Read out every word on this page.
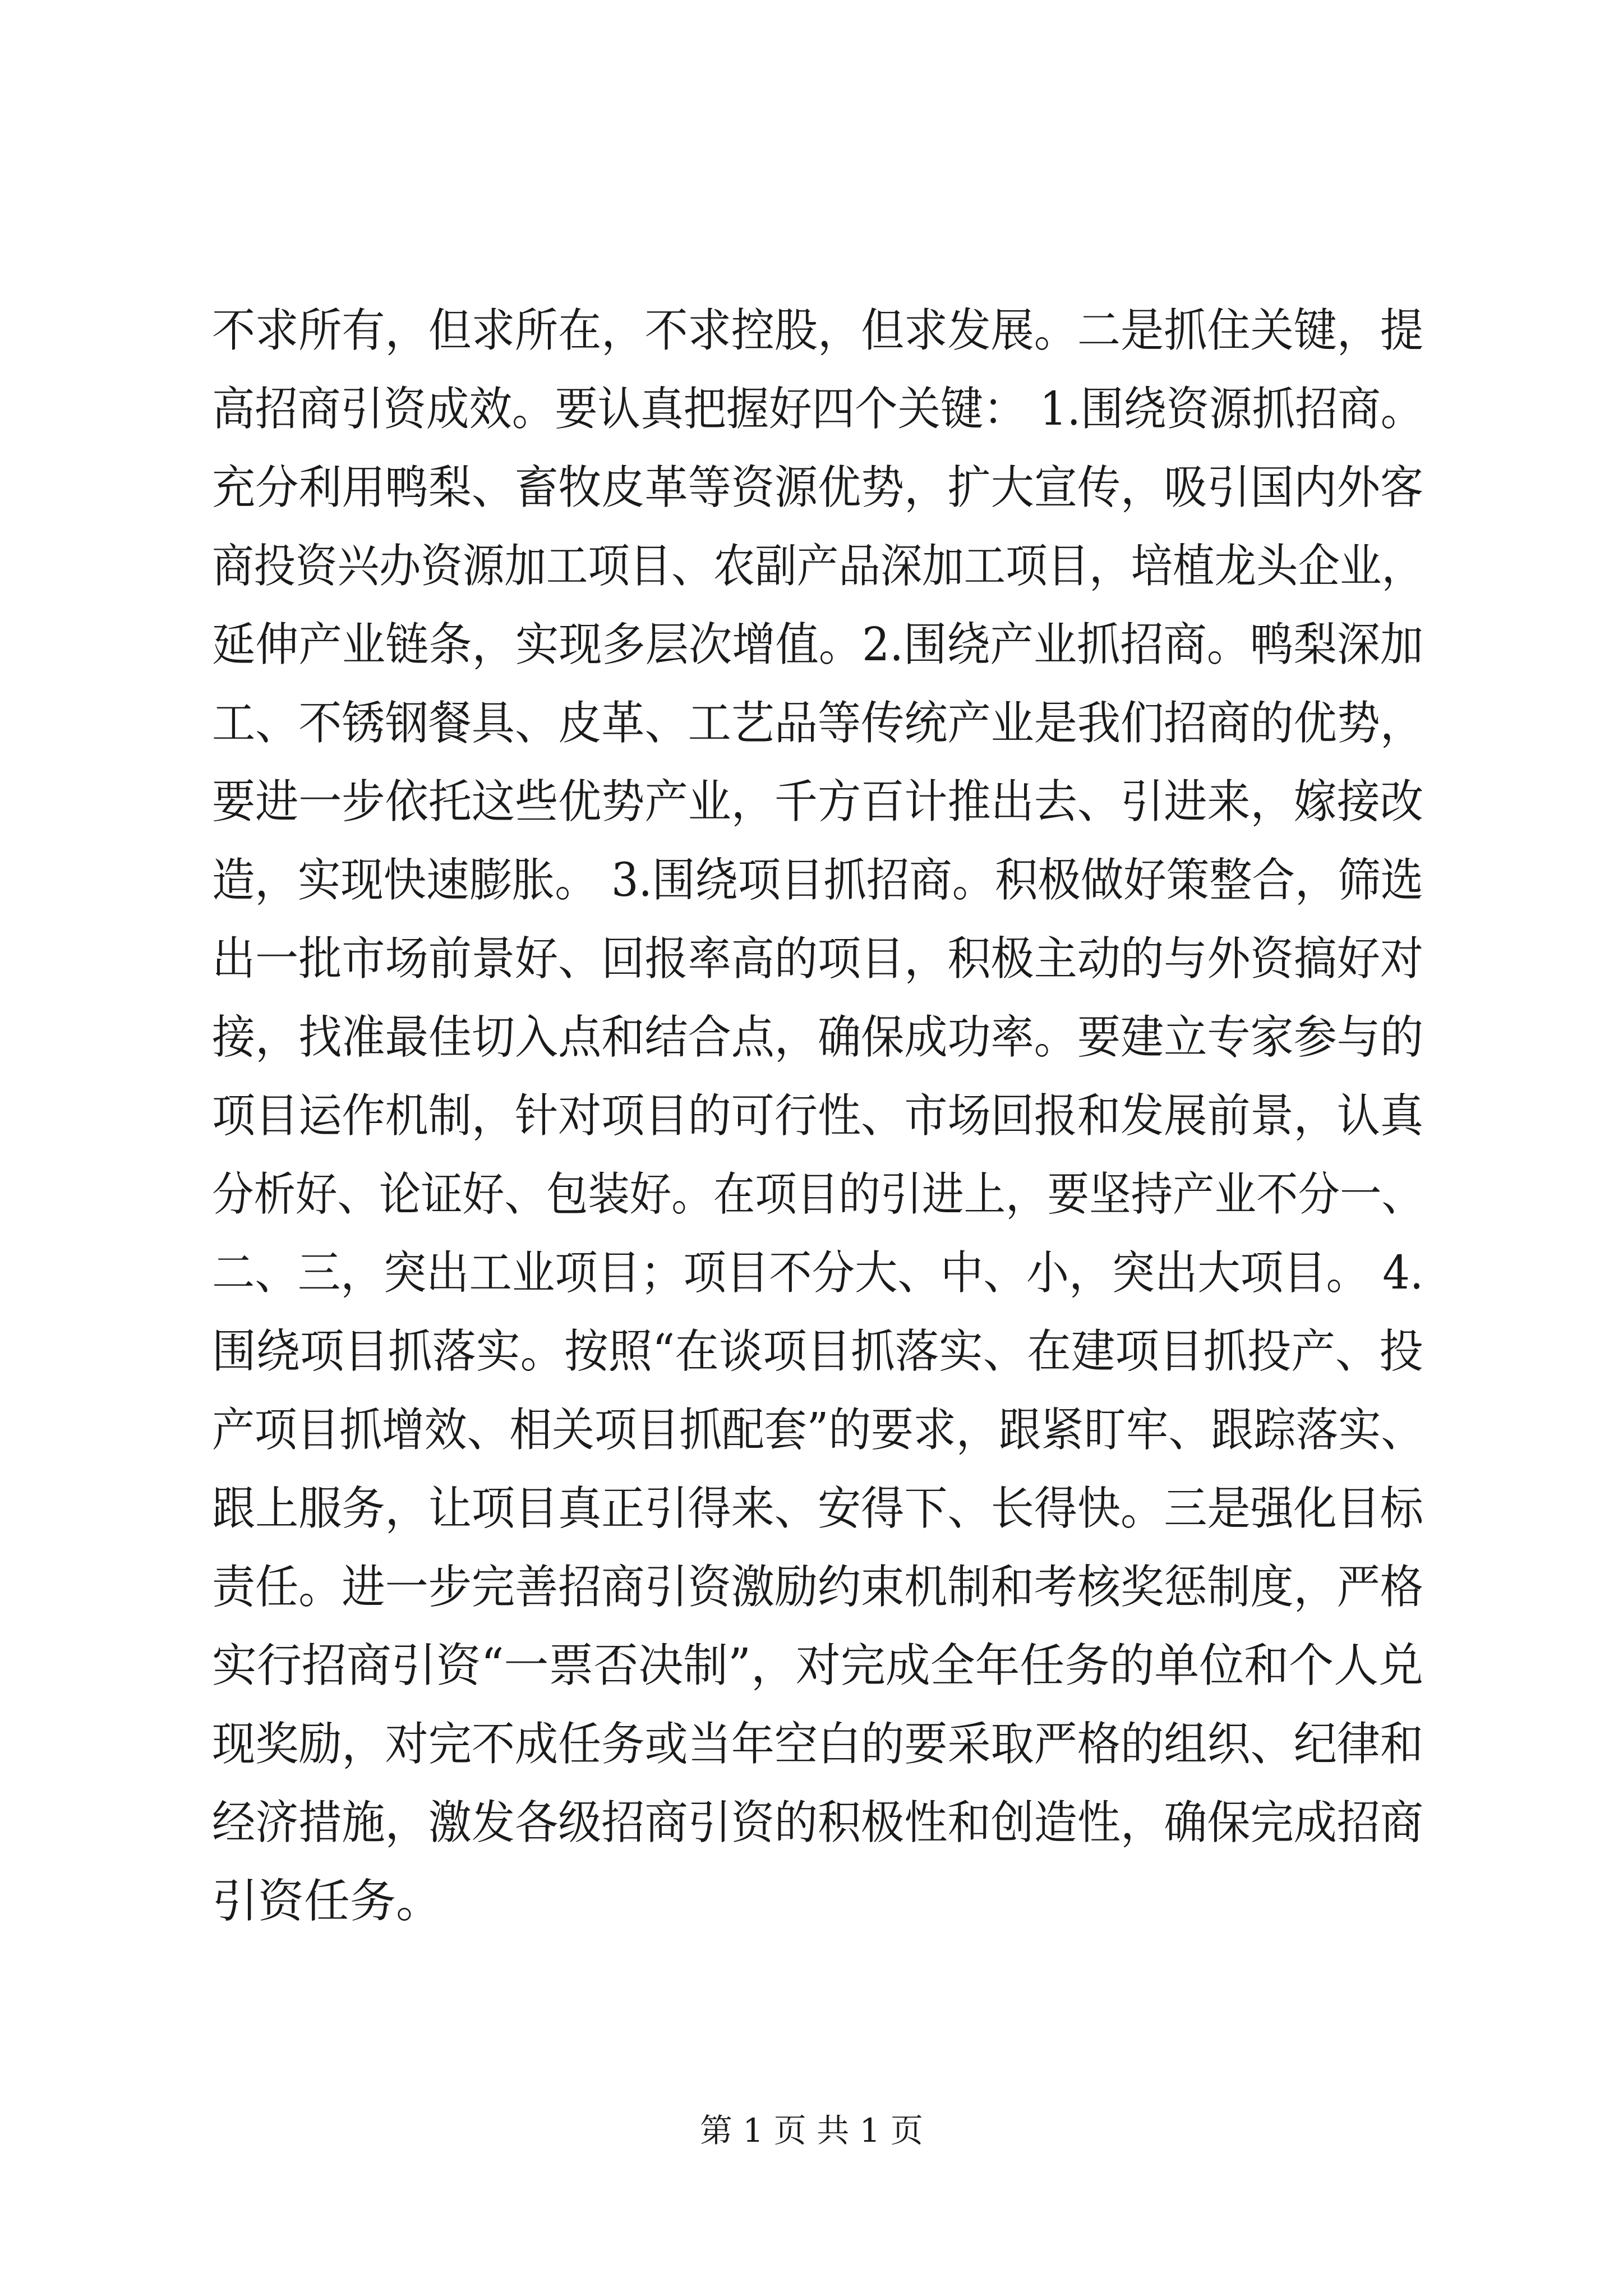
不求所有，但求所在，不求控股，但求发展。二是抓住关键，提
高招商引资成效。要认真把握好四个关键： 1.围绕资源抓招商。
充分利用鸭梨、畜牧皮革等资源优势，扩大宣传，吸引国内外客
商投资兴办资源加工项目、农副产品深加工项目，培植龙头企业，
延伸产业链条，实现多层次增值。2.围绕产业抓招商。鸭梨深加
工、不锈钢餐具、皮革、工艺品等传统产业是我们招商的优势，
要进一步依托这些优势产业，千方百计推出去、引进来，嫁接改
造，实现快速膨胀。 3.围绕项目抓招商。积极做好策整合，筛选
出一批市场前景好、回报率高的项目，积极主动的与外资搞好对
接，找准最佳切入点和结合点，确保成功率。要建立专家参与的
项目运作机制，针对项目的可行性、市场回报和发展前景，认真
分析好、论证好、包装好。在项目的引进上，要坚持产业不分一、
二、三，突出工业项目；项目不分大、中、小，突出大项目。 4.
围绕项目抓落实。按照“在谈项目抓落实、在建项目抓投产、投
产项目抓增效、相关项目抓配套”的要求，跟紧盯牢、跟踪落实、
跟上服务，让项目真正引得来、安得下、长得快。三是强化目标
责任。进一步完善招商引资激励约束机制和考核奖惩制度，严格
实行招商引资“一票否决制”，对完成全年任务的单位和个人兑
现奖励，对完不成任务或当年空白的要采取严格的组织、纪律和
经济措施，激发各级招商引资的积极性和创造性，确保完成招商
引资任务。
第 1 页 共 1 页
